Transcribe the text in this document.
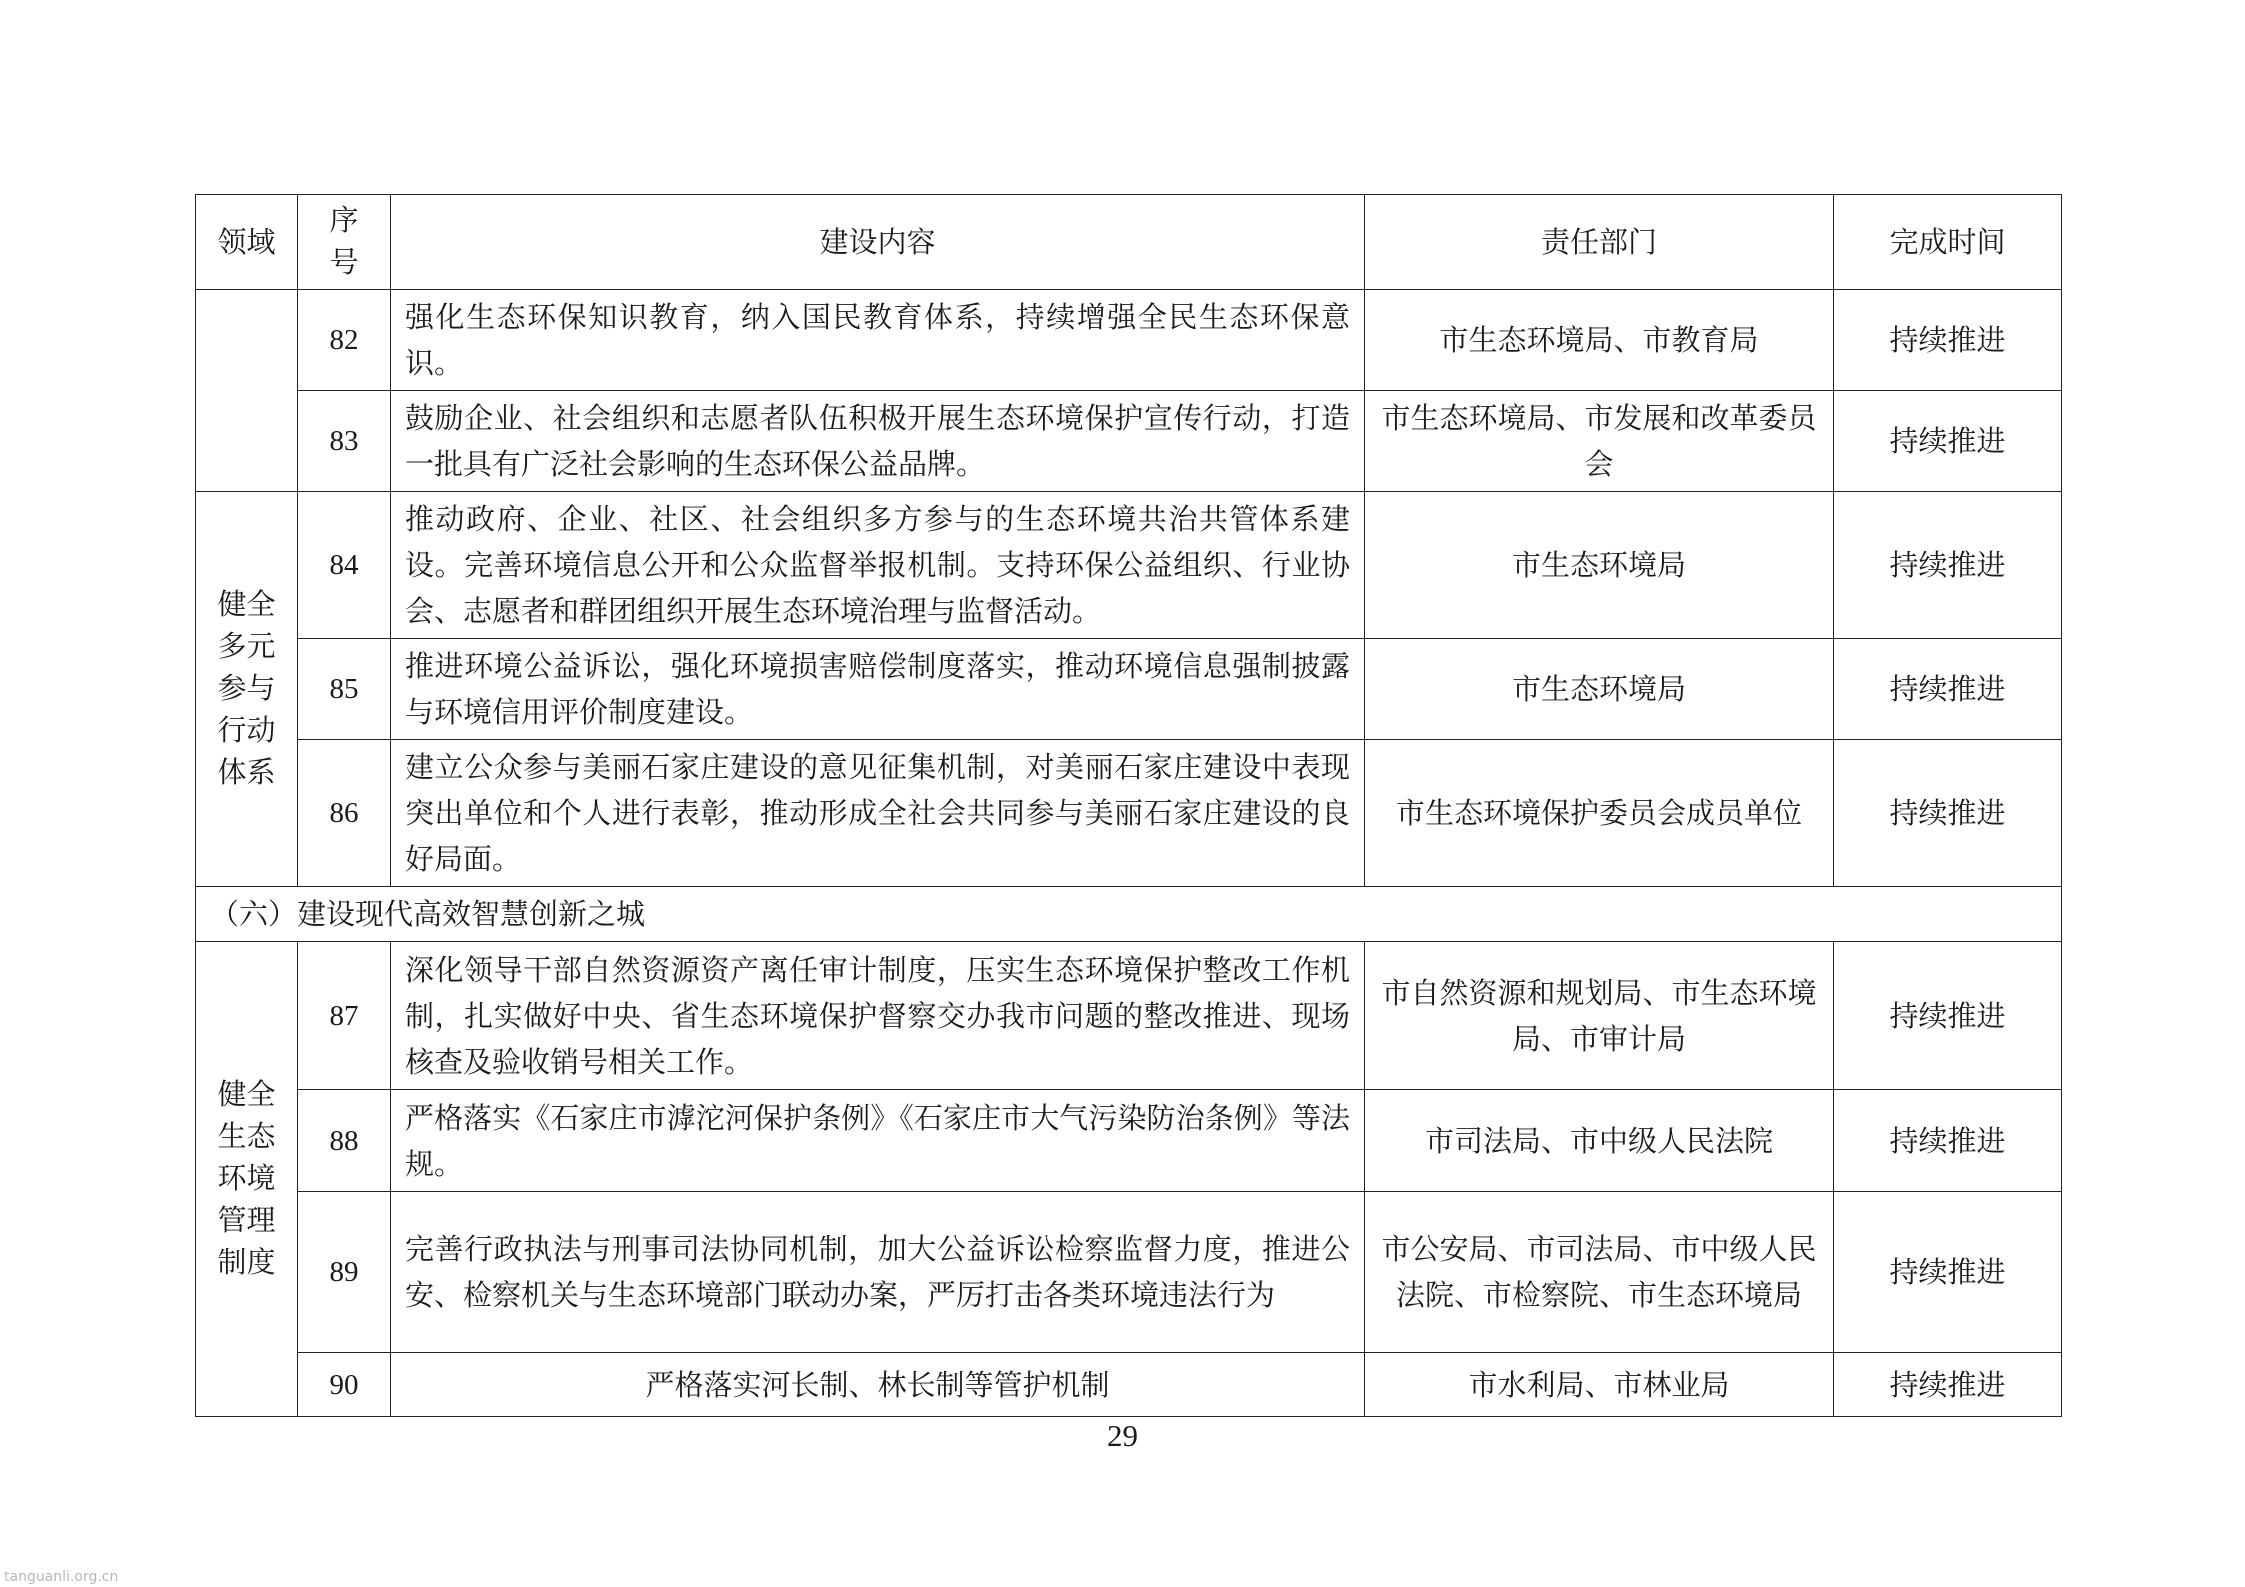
领域	序号	建设内容	责任部门	完成时间
	82	强化生态环保知识教育，纳入国民教育体系，持续增强全民生态环保意识。	市生态环境局、市教育局	持续推进
	83	鼓励企业、社会组织和志愿者队伍积极开展生态环境保护宣传行动，打造一批具有广泛社会影响的生态环保公益品牌。	市生态环境局、市发展和改革委员会	持续推进
健全多元参与行动体系	84	推动政府、企业、社区、社会组织多方参与的生态环境共治共管体系建设。完善环境信息公开和公众监督举报机制。支持环保公益组织、行业协会、志愿者和群团组织开展生态环境治理与监督活动。	市生态环境局	持续推进
	85	推进环境公益诉讼，强化环境损害赔偿制度落实，推动环境信息强制披露与环境信用评价制度建设。	市生态环境局	持续推进
	86	建立公众参与美丽石家庄建设的意见征集机制，对美丽石家庄建设中表现突出单位和个人进行表彰，推动形成全社会共同参与美丽石家庄建设的良好局面。	市生态环境保护委员会成员单位	持续推进
（六）建设现代高效智慧创新之城				
健全生态环境管理制度	87	深化领导干部自然资源资产离任审计制度，压实生态环境保护整改工作机制，扎实做好中央、省生态环境保护督察交办我市问题的整改推进、现场核查及验收销号相关工作。	市自然资源和规划局、市生态环境局、市审计局	持续推进
	88	严格落实《石家庄市滹沱河保护条例》《石家庄市大气污染防治条例》等法规。	市司法局、市中级人民法院	持续推进
	89	完善行政执法与刑事司法协同机制，加大公益诉讼检察监督力度，推进公安、检察机关与生态环境部门联动办案，严厉打击各类环境违法行为	市公安局、市司法局、市中级人民法院、市检察院、市生态环境局	持续推进
	90	严格落实河长制、林长制等管护机制	市水利局、市林业局	持续推进
29
tanguanli.org.cn
